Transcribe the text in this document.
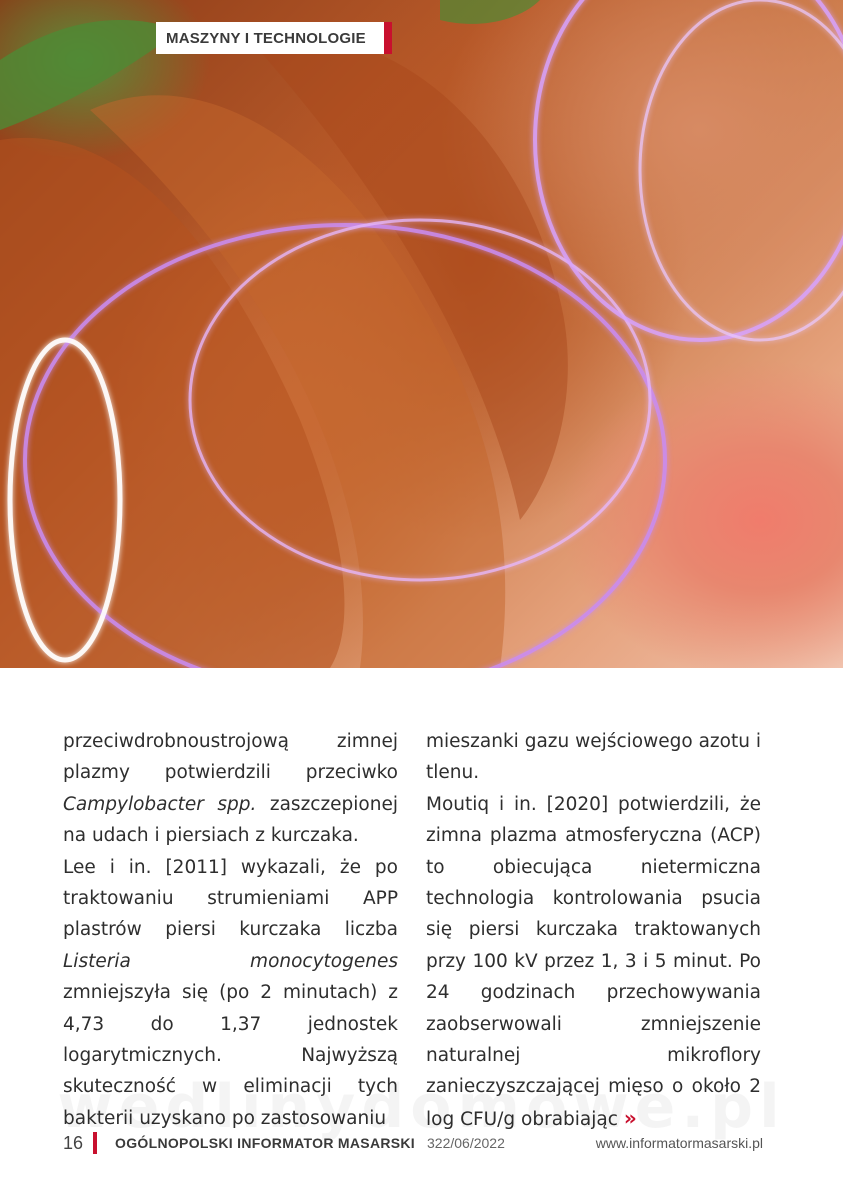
MASZYNY I TECHNOLOGIE

przeciwdrobnoustrojową zimnej plazmy potwierdzili przeciwko Campylobacter spp. zaszczepionej na udach i piersiach z kurczaka.

Lee i in. [2011] wykazali, że po traktowaniu strumieniami APP plastrów piersi kurczaka liczba Listeria monocytogenes zmniejszyła się (po 2 minutach) z 4,73 do 1,37 jednostek logarytmicznych. Najwyższą skuteczność w eliminacji tych bakterii uzyskano po zastosowaniu

mieszanki gazu wejściowego azotu i tlenu.

Moutiq i in. [2020] potwierdzili, że zimna plazma atmosferyczna (ACP) to obiecująca nietermiczna technologia kontrolowania psucia się piersi kurczaka traktowanych przy 100 kV przez 1, 3 i 5 minut. Po 24 godzinach przechowywania zaobserwowali zmniejszenie naturalnej mikroflory zanieczyszczającej mięso o około 2 log CFU/g obrabiając »

16 OGÓLNOPOLSKI INFORMATOR MASARSKI 322/06/2022	www.informatormasarski.pl
